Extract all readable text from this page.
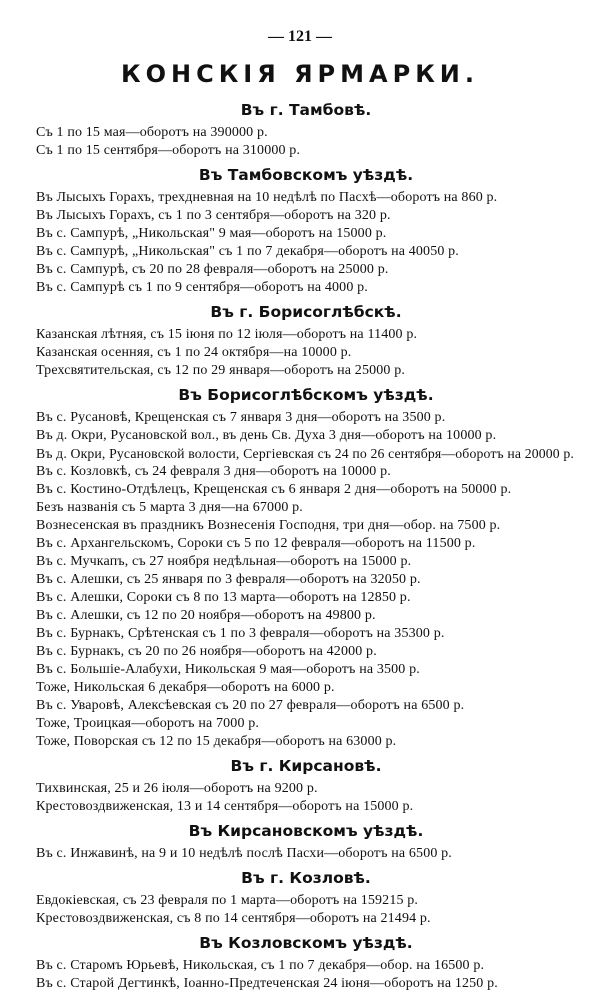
— 121 —
КОНСКІЯ ЯРМАРКИ.
Въ г. Тамбовѣ.

Съ 1 по 15 мая—оборотъ на 390000 р.

Съ 1 по 15 сентября—оборотъ на 310000 р.

Въ Тамбовскомъ уѣздѣ.

Въ Лысыхъ Горахъ, трехдневная на 10 недѣлѣ по Пасхѣ—оборотъ на 860 р.

Въ Лысыхъ Горахъ, съ 1 по 3 сентября—оборотъ на 320 р.

Въ с. Сампурѣ, „Никольская" 9 мая—оборотъ на 15000 р.

Въ с. Сампурѣ, „Никольская" съ 1 по 7 декабря—оборотъ на 40050 р.

Въ с. Сампурѣ, съ 20 по 28 февраля—оборотъ на 25000 р.

Въ с. Сампурѣ съ 1 по 9 сентября—оборотъ на 4000 р.

Въ г. Борисоглѣбскѣ.

Казанская лѣтняя, съ 15 іюня по 12 іюля—оборотъ на 11400 р.

Казанская осенняя, съ 1 по 24 октября—на 10000 р.

Трехсвятительская, съ 12 по 29 января—оборотъ на 25000 р.

Въ Борисоглѣбскомъ уѣздѣ.

Въ с. Русановѣ, Крещенская съ 7 января 3 дня—оборотъ на 3500 р.

Въ д. Окри, Русановской вол., въ день Св. Духа 3 дня—оборотъ на 10000 р.

Въ д. Окри, Русановской волости, Сергіевская съ 24 по 26 сентября—оборотъ на 20000 р.

Въ с. Козловкѣ, съ 24 февраля 3 дня—оборотъ на 10000 р.

Въ с. Костино-Отдѣлецъ, Крещенская съ 6 января 2 дня—оборотъ на 50000 р.

Безъ названія съ 5 марта 3 дня—на 67000 р.

Вознесенская въ праздникъ Вознесенія Господня, три дня—обор. на 7500 р.

Въ с. Архангельскомъ, Сороки съ 5 по 12 февраля—оборотъ на 11500 р.

Въ с. Мучкапъ, съ 27 ноября недѣльная—оборотъ на 15000 р.

Въ с. Алешки, съ 25 января по 3 февраля—оборотъ на 32050 р.

Въ с. Алешки, Сороки съ 8 по 13 марта—оборотъ на 12850 р.

Въ с. Алешки, съ 12 по 20 ноября—оборотъ на 49800 р.

Въ с. Бурнакъ, Срѣтенская съ 1 по 3 февраля—оборотъ на 35300 р.

Въ с. Бурнакъ, съ 20 по 26 ноября—оборотъ на 42000 р.

Въ с. Большіе-Алабухи, Никольская 9 мая—оборотъ на 3500 р.

Тоже, Никольская 6 декабря—оборотъ на 6000 р.

Въ с. Уваровѣ, Алексѣевская съ 20 по 27 февраля—оборотъ на 6500 р.

Тоже, Троицкая—оборотъ на 7000 р.

Тоже, Поворская съ 12 по 15 декабря—оборотъ на 63000 р.

Въ г. Кирсановѣ.

Тихвинская, 25 и 26 іюля—оборотъ на 9200 р.

Крестовоздвиженская, 13 и 14 сентября—оборотъ на 15000 р.

Въ Кирсановскомъ уѣздѣ.

Въ с. Инжавинѣ, на 9 и 10 недѣлѣ послѣ Пасхи—оборотъ на 6500 р.

Въ г. Козловѣ.

Евдокіевская, съ 23 февраля по 1 марта—оборотъ на 159215 р.

Крестовоздвиженская, съ 8 по 14 сентября—оборотъ на 21494 р.

Въ Козловскомъ уѣздѣ.

Въ с. Старомъ Юрьевѣ, Никольская, съ 1 по 7 декабря—обор. на 16500 р.

Въ с. Старой Дегтинкѣ, Іоанно-Предтеченская 24 іюня—оборотъ на 1250 р.
